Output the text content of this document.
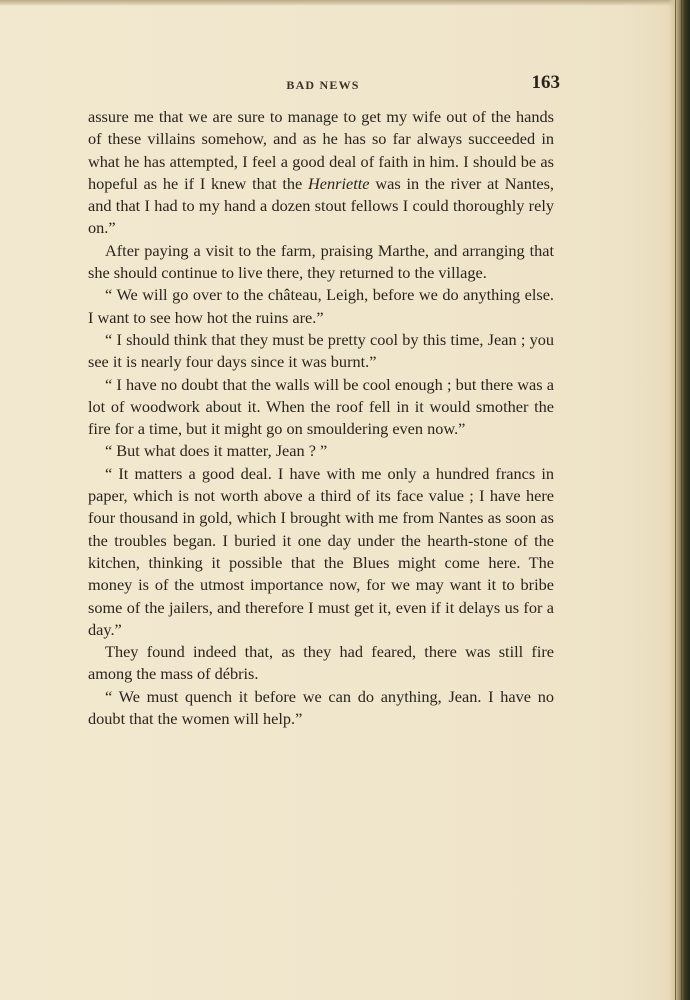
BAD NEWS	163

assure me that we are sure to manage to get my wife out of the hands of these villains somehow, and as he has so far always succeeded in what he has attempted, I feel a good deal of faith in him. I should be as hopeful as he if I knew that the Henriette was in the river at Nantes, and that I had to my hand a dozen stout fellows I could thoroughly rely on.”

After paying a visit to the farm, praising Marthe, and arranging that she should continue to live there, they returned to the village.

“ We will go over to the château, Leigh, before we do anything else. I want to see how hot the ruins are.”

“ I should think that they must be pretty cool by this time, Jean ; you see it is nearly four days since it was burnt.”

“ I have no doubt that the walls will be cool enough ; but there was a lot of woodwork about it. When the roof fell in it would smother the fire for a time, but it might go on smouldering even now.”

“ But what does it matter, Jean ? ”

“ It matters a good deal. I have with me only a hundred francs in paper, which is not worth above a third of its face value ; I have here four thousand in gold, which I brought with me from Nantes as soon as the troubles began. I buried it one day under the hearth-stone of the kitchen, thinking it possible that the Blues might come here. The money is of the utmost importance now, for we may want it to bribe some of the jailers, and therefore I must get it, even if it delays us for a day.”

They found indeed that, as they had feared, there was still fire among the mass of débris.

“ We must quench it before we can do anything, Jean. I have no doubt that the women will help.”
